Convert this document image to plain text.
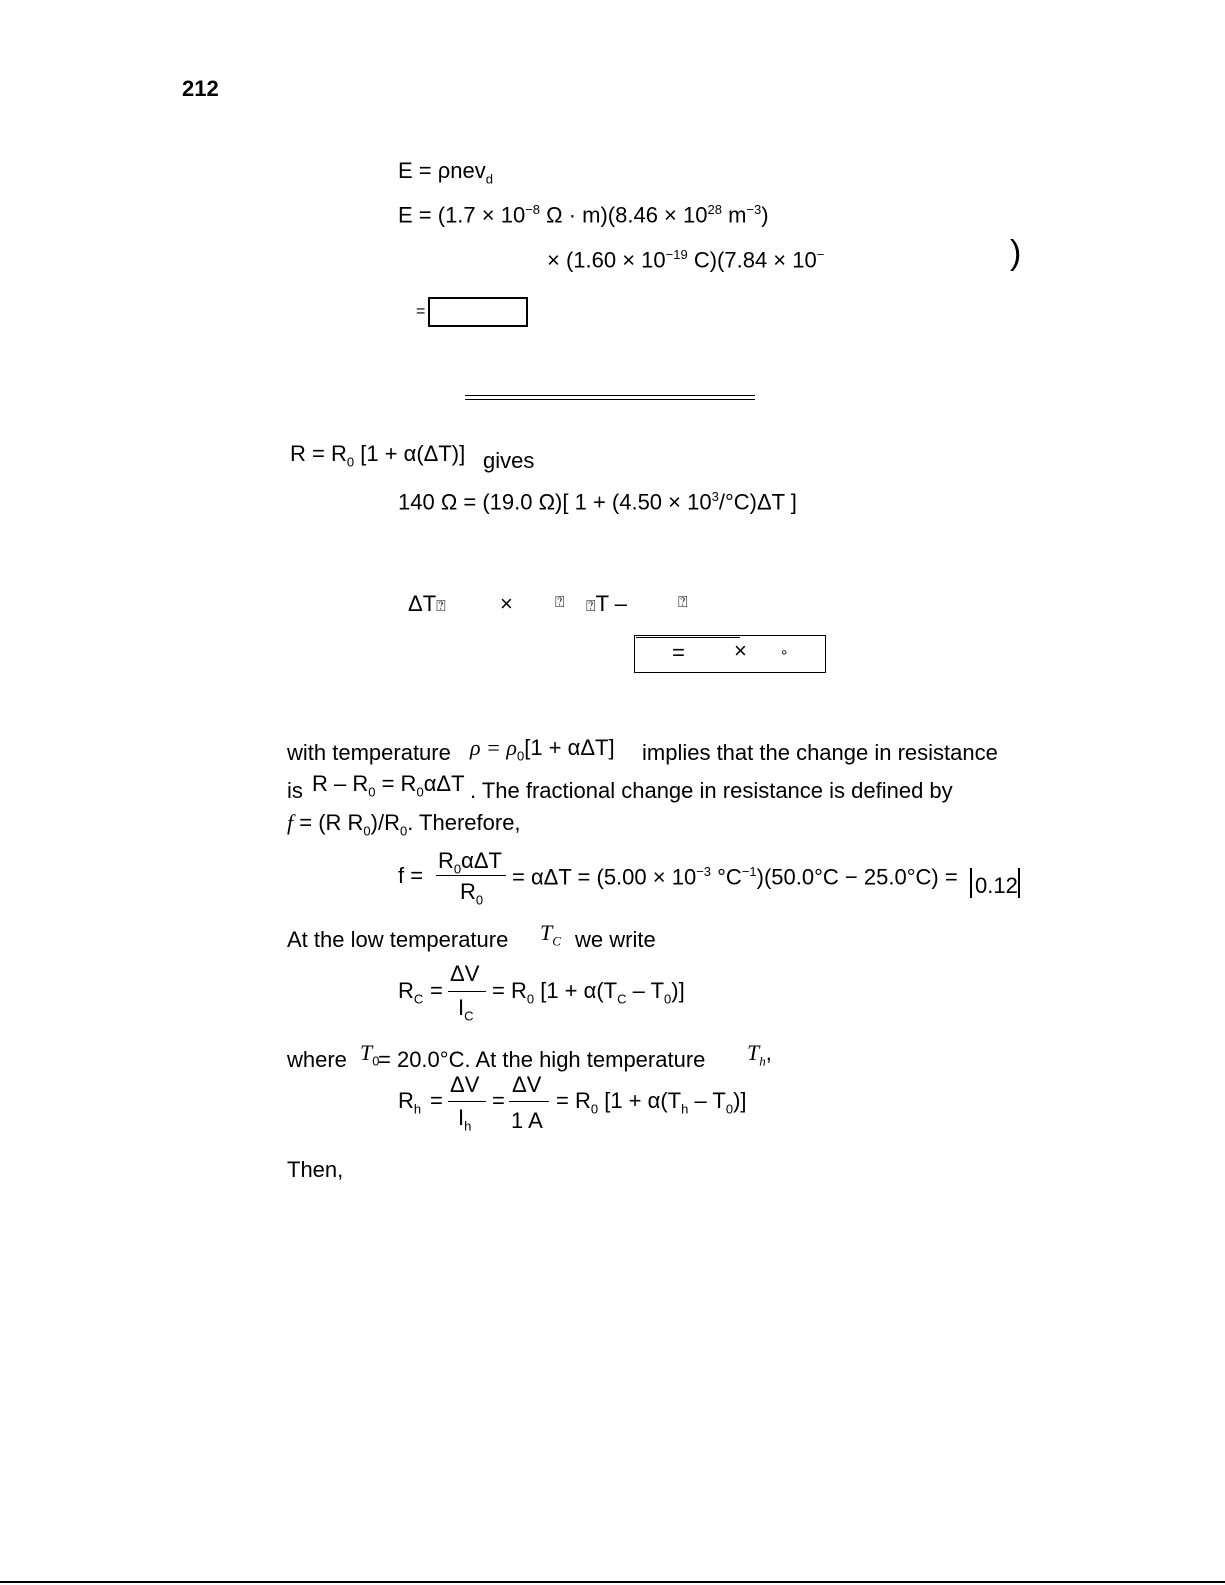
212
E = ρnev$_d$
$E = (1.7 \times 10^{-8}$ $\Omega \cdot m)(8.46 \times 10^{28}$ $m^{-3}$)
× ($1.60 \times 10^{-19}$ C)(7.84 × 10−	)
=
$R = R_0$ [1 + α(ΔT)] gives
140 Ω = (19.0 Ω)[ $1 + (4.50 \times 10^3/^\circ C)\Delta T$ ]
ΔT⍰ ×	⍰ ⍰T –	⍰
= × °
with temperature $\rho = \rho_0[1 + \alpha\Delta T]$ implies that the change in resistance
is $R - R_0 = R_0\alpha\Delta T$ . The fractional change in resistance is defined by
f = (R $R_0)/R_0$. Therefore,
f =
$R_0\alpha\Delta T$
$R_0$
= $\alpha\Delta T = (5.00 \times 10^{-3}$ $^\circ C^{-1})(50.0^\circ C - 25.0^\circ C) = 0.12$
At the low temperature $T_C$ we write
$R_C$ =
ΔV
$I_C$
= $R_0$ $[1 + \alpha(T_C - T_0)]$
where $T_0$
= 20.0°C. At the high temperature $T_h$,
$R_h$ =
ΔV
$I_h$
=
ΔV
1 A
= $R_0$ $[1 + \alpha(T_h - T_0)]$
Then,
